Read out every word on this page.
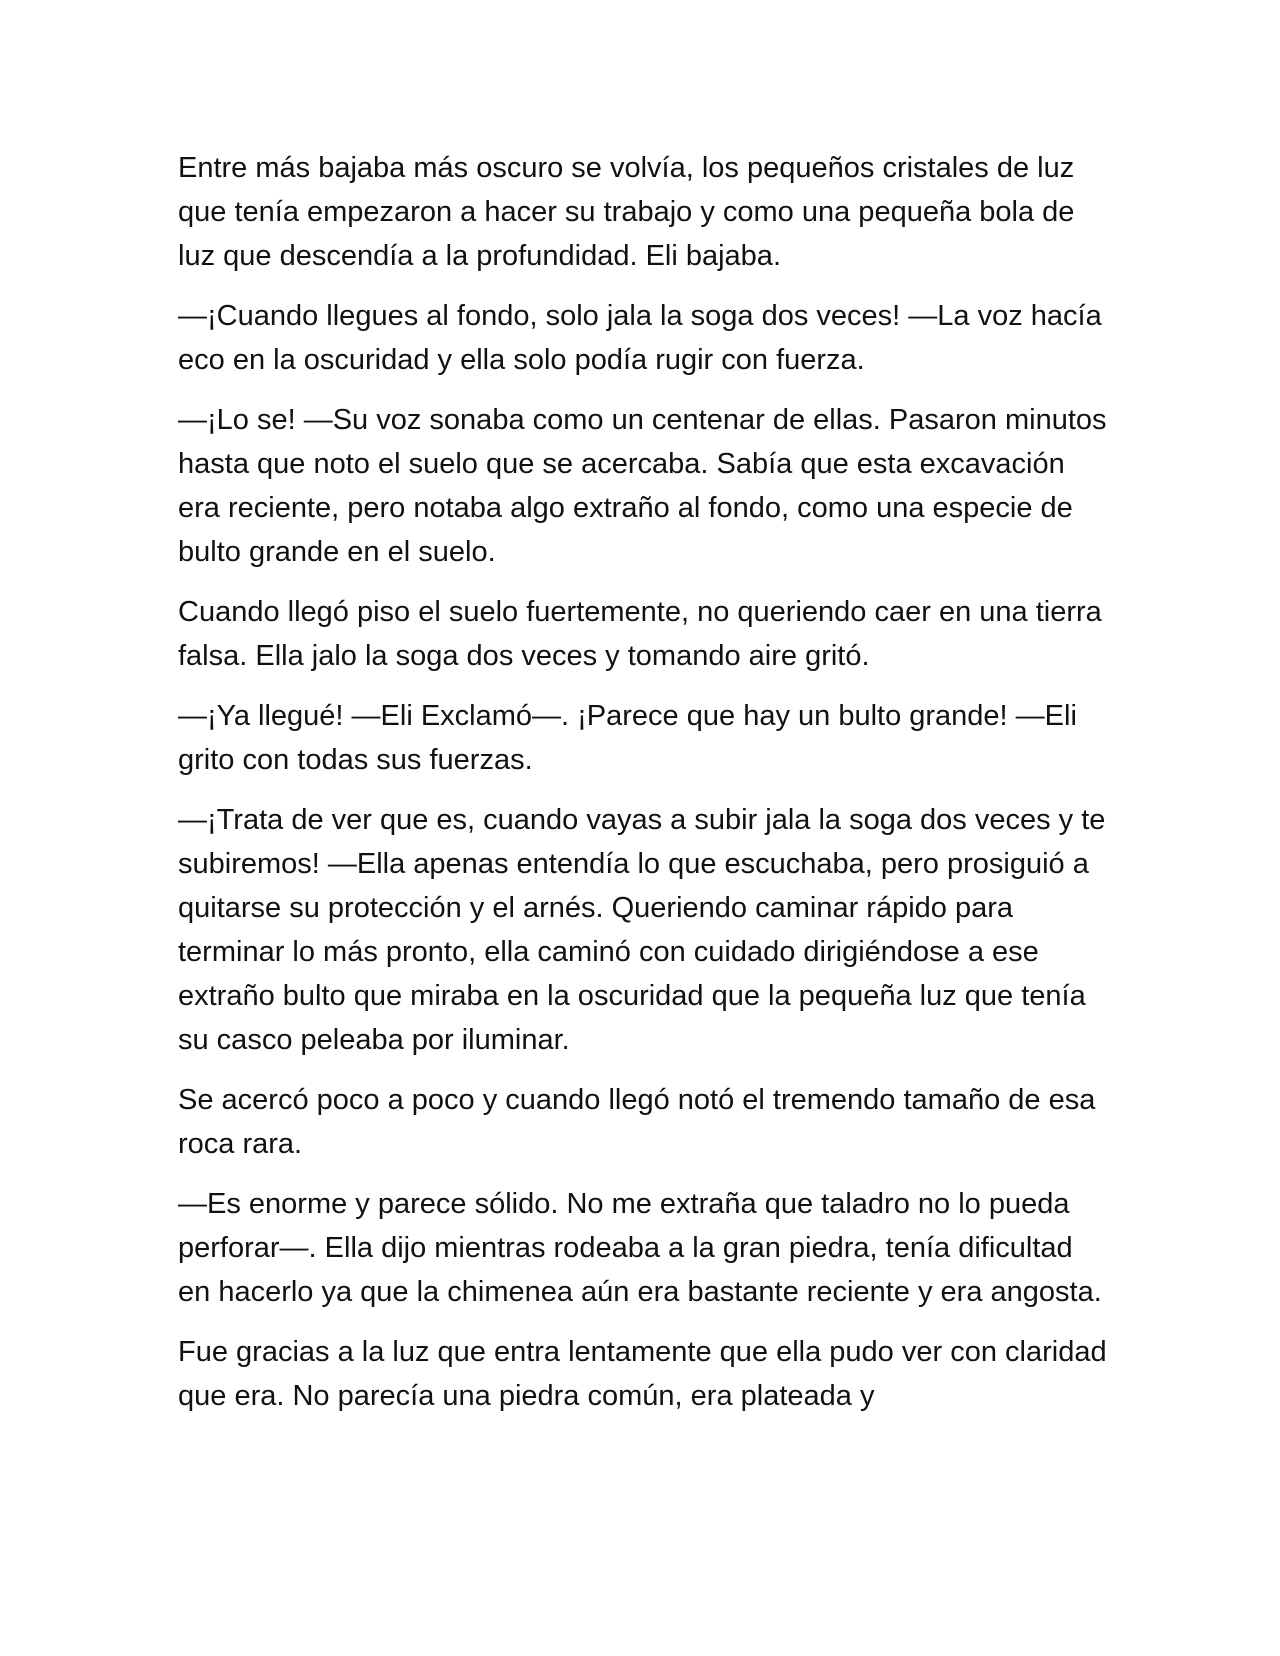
Entre más bajaba más oscuro se volvía, los pequeños cristales de luz que tenía empezaron a hacer su trabajo y como una pequeña bola de luz que descendía a la profundidad. Eli bajaba.

—¡Cuando llegues al fondo, solo jala la soga dos veces! —La voz hacía eco en la oscuridad y ella solo podía rugir con fuerza.

—¡Lo se! —Su voz sonaba como un centenar de ellas. Pasaron minutos hasta que noto el suelo que se acercaba. Sabía que esta excavación era reciente, pero notaba algo extraño al fondo, como una especie de bulto grande en el suelo.

Cuando llegó piso el suelo fuertemente, no queriendo caer en una tierra falsa. Ella jalo la soga dos veces y tomando aire gritó.

—¡Ya llegué! —Eli Exclamó—. ¡Parece que hay un bulto grande! —Eli grito con todas sus fuerzas.

—¡Trata de ver que es, cuando vayas a subir jala la soga dos veces y te subiremos! —Ella apenas entendía lo que escuchaba, pero prosiguió a quitarse su protección y el arnés. Queriendo caminar rápido para terminar lo más pronto, ella caminó con cuidado dirigiéndose a ese extraño bulto que miraba en la oscuridad que la pequeña luz que tenía su casco peleaba por iluminar.

Se acercó poco a poco y cuando llegó notó el tremendo tamaño de esa roca rara.

—Es enorme y parece sólido. No me extraña que taladro no lo pueda perforar—. Ella dijo mientras rodeaba a la gran piedra, tenía dificultad en hacerlo ya que la chimenea aún era bastante reciente y era angosta.

Fue gracias a la luz que entra lentamente que ella pudo ver con claridad que era. No parecía una piedra común, era plateada y
